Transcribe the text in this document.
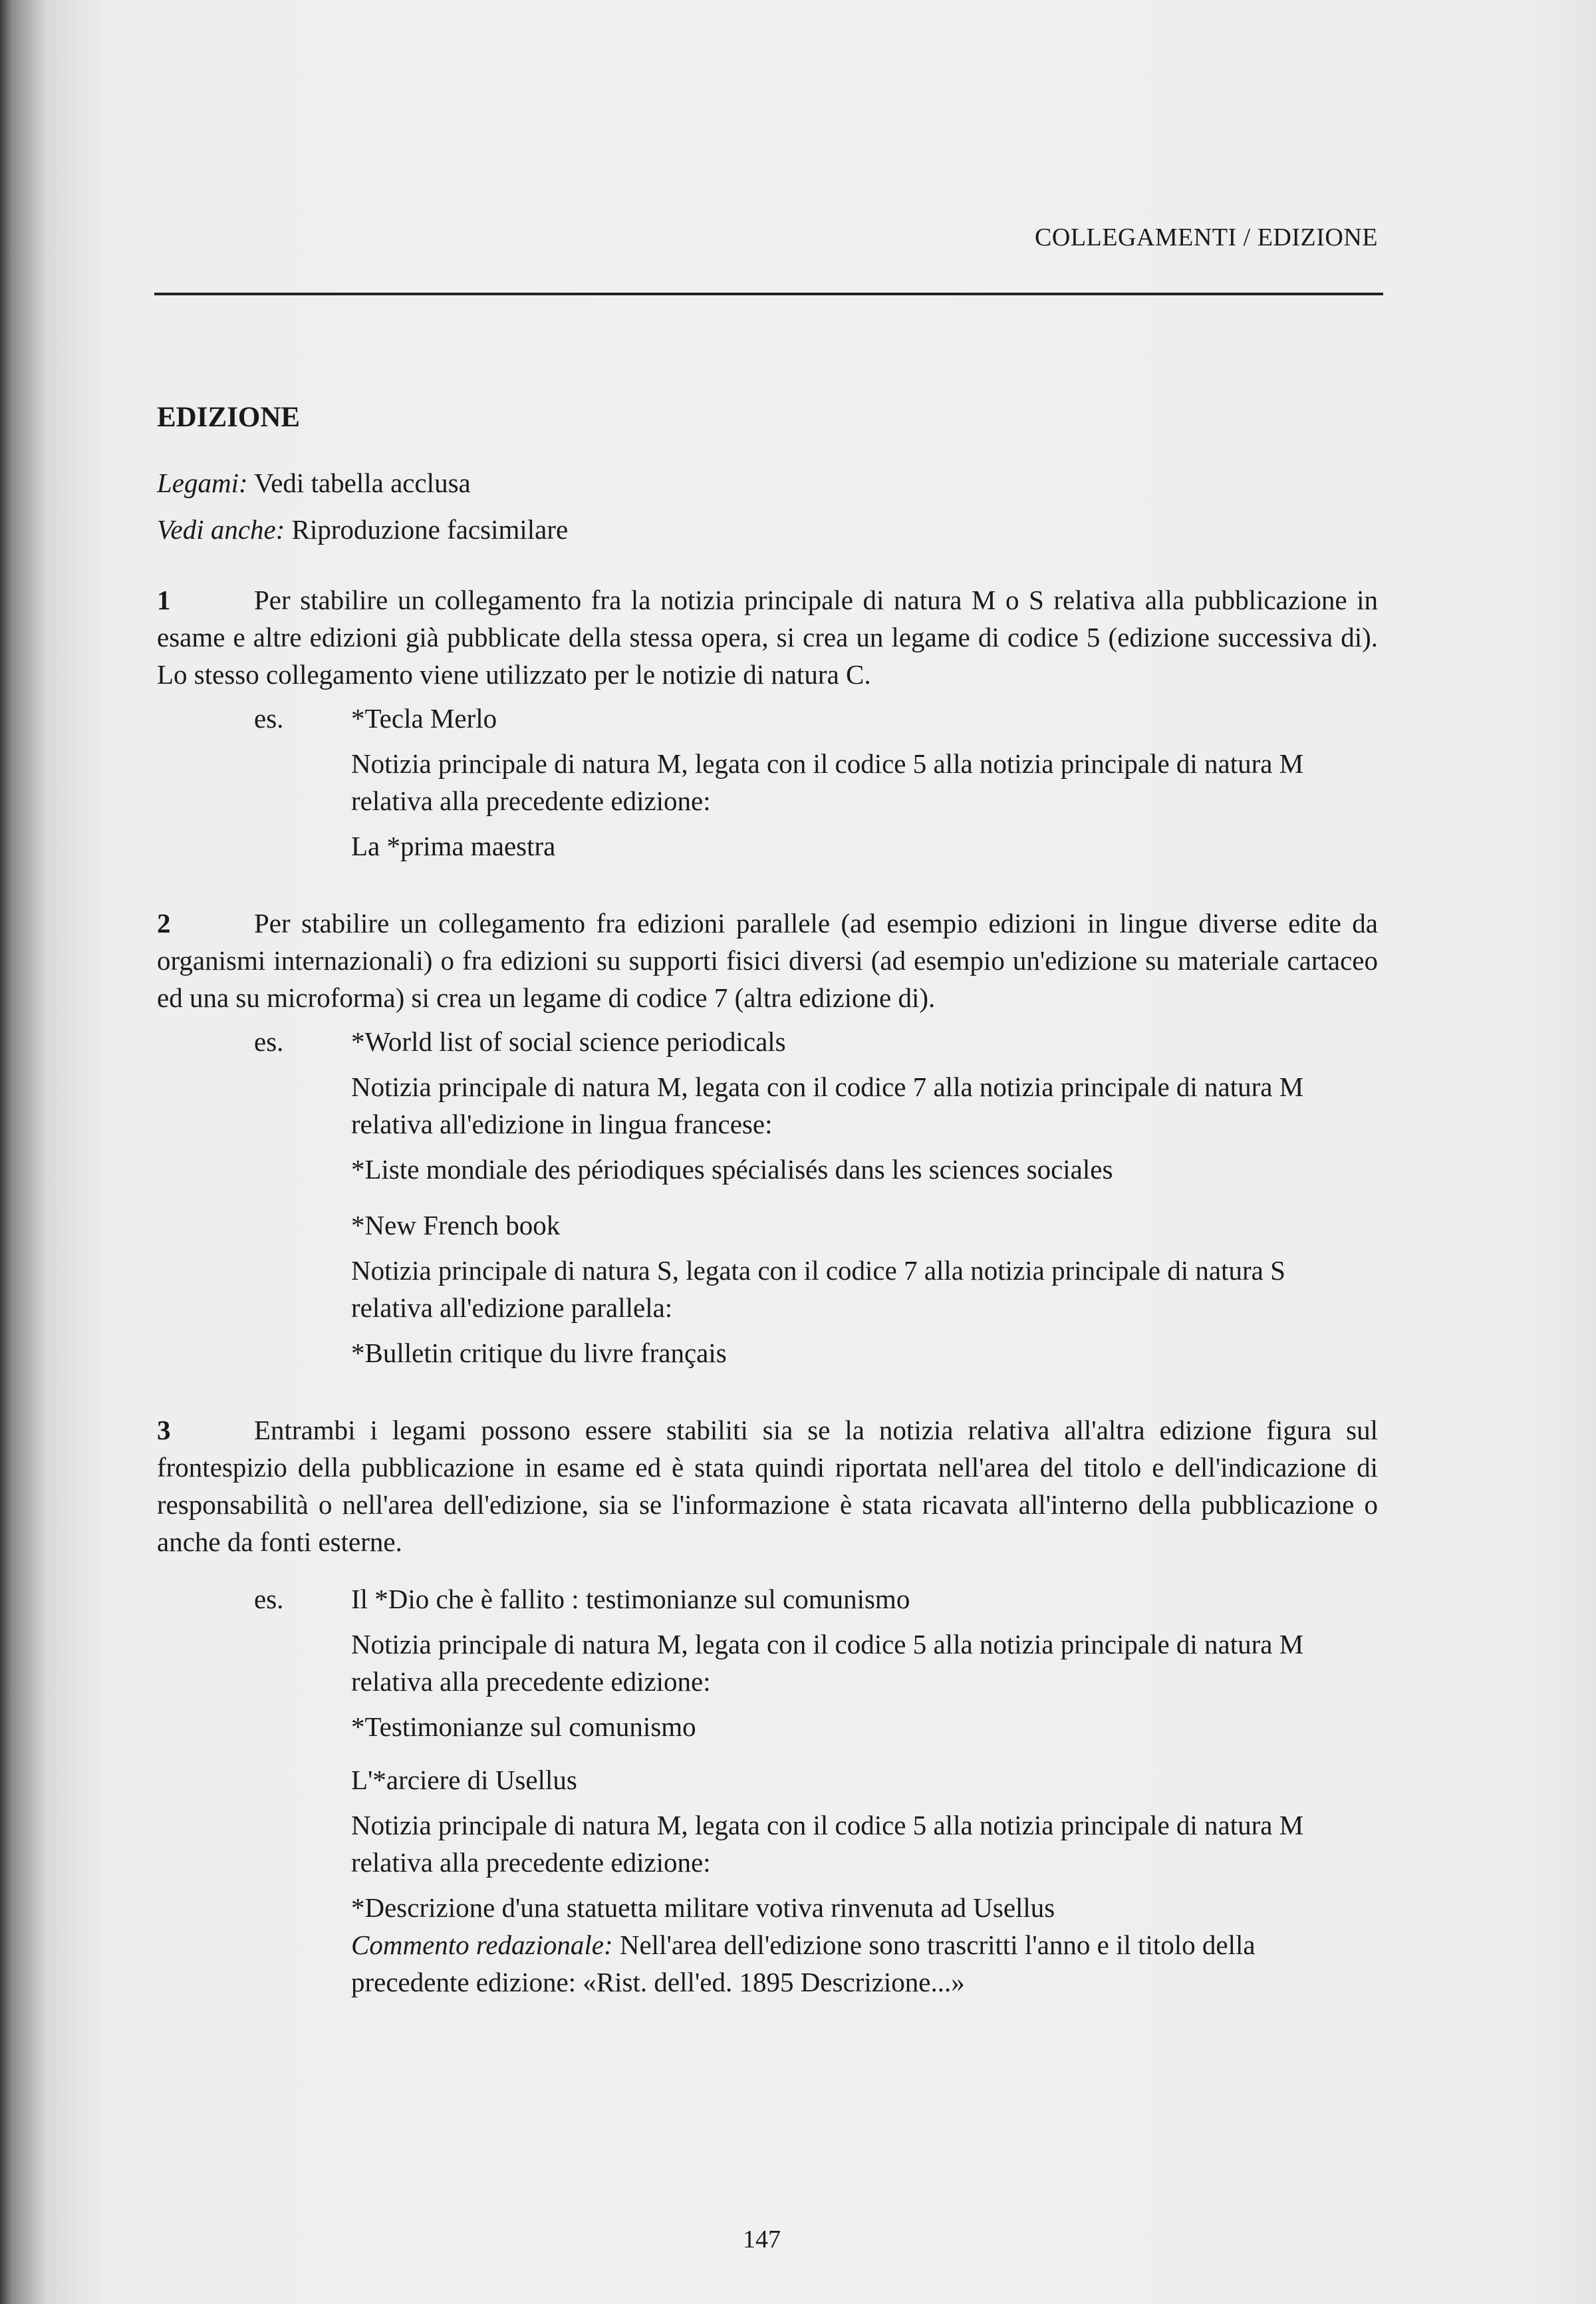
COLLEGAMENTI / EDIZIONE
EDIZIONE
Legami: Vedi tabella acclusa
Vedi anche: Riproduzione facsimilare

1	Per stabilire un collegamento fra la notizia principale di natura M o S relativa alla pubblicazione in esame e altre edizioni già pubblicate della stessa opera, si crea un legame di codice 5 (edizione successiva di). Lo stesso collegamento viene utilizzato per le notizie di natura C.

es.	*Tecla Merlo

Notizia principale di natura M, legata con il codice 5 alla notizia principale di natura M relativa alla precedente edizione:

La *prima maestra

2	Per stabilire un collegamento fra edizioni parallele (ad esempio edizioni in lingue diverse edite da organismi internazionali) o fra edizioni su supporti fisici diversi (ad esempio un'edizione su materiale cartaceo ed una su microforma) si crea un legame di codice 7 (altra edizione di).

es.	*World list of social science periodicals

Notizia principale di natura M, legata con il codice 7 alla notizia principale di natura M relativa all'edizione in lingua francese:

*Liste mondiale des périodiques spécialisés dans les sciences sociales

*New French book

Notizia principale di natura S, legata con il codice 7 alla notizia principale di natura S relativa all'edizione parallela:

*Bulletin critique du livre français

3	Entrambi i legami possono essere stabiliti sia se la notizia relativa all'altra edizione figura sul frontespizio della pubblicazione in esame ed è stata quindi riportata nell'area del titolo e dell'indicazione di responsabilità o nell'area dell'edizione, sia se l'informazione è stata ricavata all'interno della pubblicazione o anche da fonti esterne.

es.	Il *Dio che è fallito : testimonianze sul comunismo

Notizia principale di natura M, legata con il codice 5 alla notizia principale di natura M relativa alla precedente edizione:

*Testimonianze sul comunismo

L'*arciere di Usellus

Notizia principale di natura M, legata con il codice 5 alla notizia principale di natura M relativa alla precedente edizione:

*Descrizione d'una statuetta militare votiva rinvenuta ad Usellus

Commento redazionale: Nell'area dell'edizione sono trascritti l'anno e il titolo della precedente edizione: «Rist. dell'ed. 1895 Descrizione...»

147
